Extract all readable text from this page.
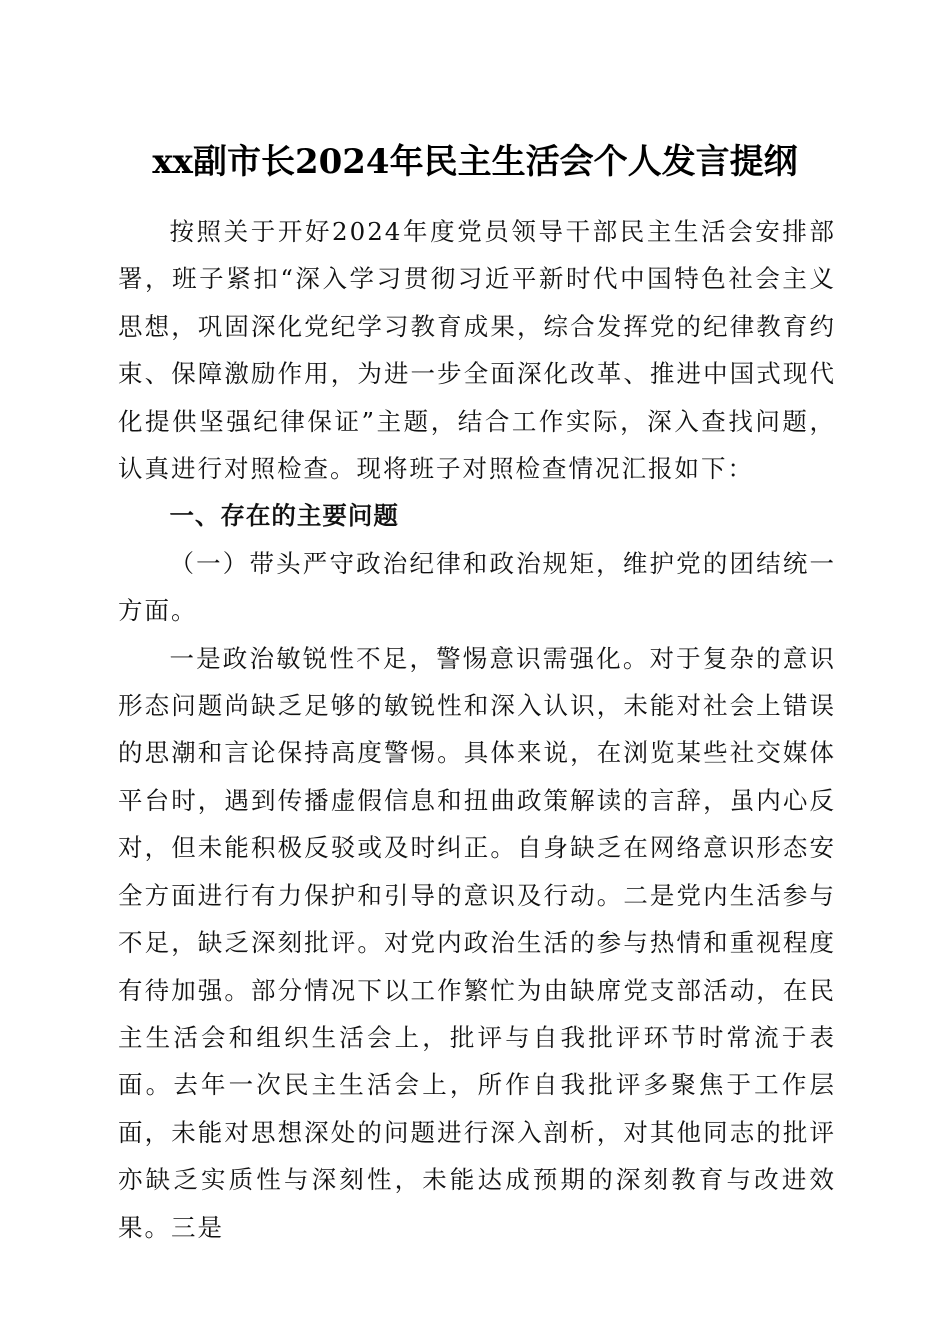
xx副市长2024年民主生活会个人发言提纲

按照关于开好2024年度党员领导干部民主生活会安排部署，班子紧扣“深入学习贯彻习近平新时代中国特色社会主义思想，巩固深化党纪学习教育成果，综合发挥党的纪律教育约束、保障激励作用，为进一步全面深化改革、推进中国式现代化提供坚强纪律保证”主题，结合工作实际，深入查找问题，认真进行对照检查。现将班子对照检查情况汇报如下：

一、存在的主要问题

（一）带头严守政治纪律和政治规矩，维护党的团结统一方面。

一是政治敏锐性不足，警惕意识需强化。对于复杂的意识形态问题尚缺乏足够的敏锐性和深入认识，未能对社会上错误的思潮和言论保持高度警惕。具体来说，在浏览某些社交媒体平台时，遇到传播虚假信息和扭曲政策解读的言辞，虽内心反对，但未能积极反驳或及时纠正。自身缺乏在网络意识形态安全方面进行有力保护和引导的意识及行动。二是党内生活参与不足，缺乏深刻批评。对党内政治生活的参与热情和重视程度有待加强。部分情况下以工作繁忙为由缺席党支部活动，在民主生活会和组织生活会上，批评与自我批评环节时常流于表面。去年一次民主生活会上，所作自我批评多聚焦于工作层面，未能对思想深处的问题进行深入剖析，对其他同志的批评亦缺乏实质性与深刻性，未能达成预期的深刻教育与改进效果。三是
